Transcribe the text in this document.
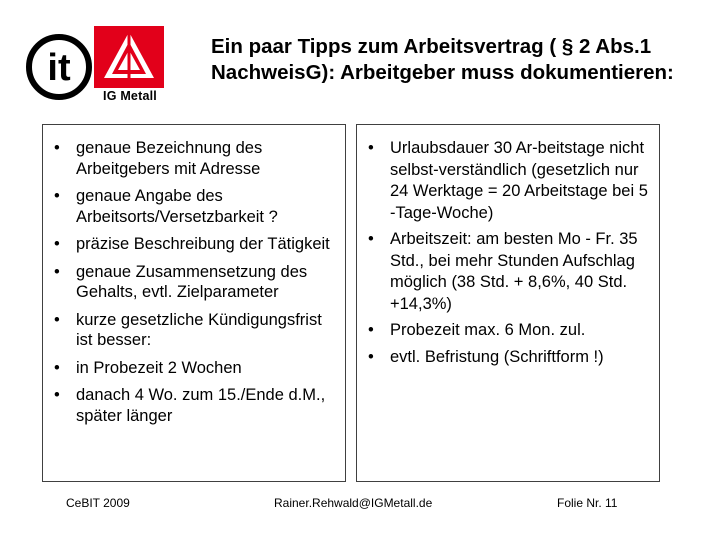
it
IG Metall
Ein paar Tipps zum Arbeitsvertrag ( § 2 Abs.1 NachweisG): Arbeitgeber muss dokumentieren:
• genaue Bezeichnung des Arbeitgebers mit Adresse
• genaue Angabe des Arbeitsorts/Versetzbarkeit ?
• präzise Beschreibung der Tätigkeit
• genaue Zusammensetzung des Gehalts, evtl. Zielparameter
• kurze gesetzliche Kündigungsfrist ist besser:
• in Probezeit 2 Wochen
• danach 4 Wo. zum 15./Ende d.M., später länger
• Urlaubsdauer 30 Ar-beitstage nicht selbst-verständlich (gesetzlich nur 24 Werktage = 20 Arbeitstage bei 5 -Tage-Woche)
• Arbeitszeit: am besten Mo - Fr. 35 Std., bei mehr Stunden Aufschlag möglich (38 Std. + 8,6%, 40 Std. +14,3%)
• Probezeit max. 6 Mon. zul.
• evtl. Befristung (Schriftform !)
CeBIT 2009	Rainer.Rehwald@IGMetall.de	Folie Nr. 11
